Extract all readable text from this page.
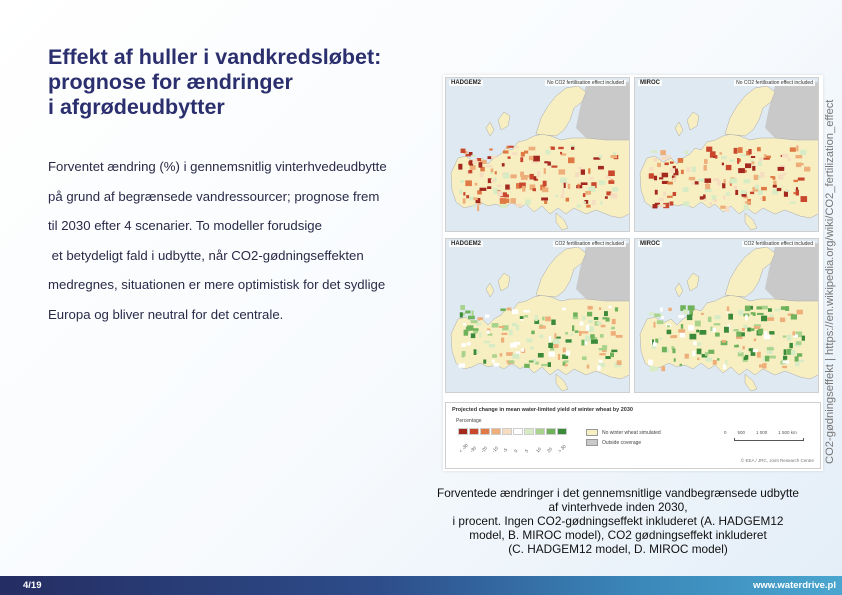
Effekt af huller i vandkredsløbet:
prognose for ændringer
i afgrødeudbytter
Forventet ændring (%) i gennemsnitlig vinterhvedeudbytte
på grund af begrænsede vandressourcer; prognose frem
til 2030 efter 4 scenarier. To modeller forudsige
et betydeligt fald i udbytte, når CO2-gødningseffekten
medregnes, situationen er mere optimistisk for det sydlige
Europa og bliver neutral for det centrale.
HADGEM2	No CO2 fertilisation effect included	MIROC	No CO2 fertilisation effect included
HADGEM2	CO2 fertilisation effect included	MIROC	CO2 fertilisation effect included
Projected change in mean water-limited yield of winter wheat by 2030
Percentage
< -30 -30 -20 -10 -5	0	5	10 20 > 30
No winter wheat simulated
Outside coverage
0 500 1 000 1 500 km
© EEA / JRC, Joint Research Centre
Forventede ændringer i det gennemsnitlige vandbegrænsede udbytte
af vinterhvede inden 2030,
i procent. Ingen CO2-gødningseffekt inkluderet (A. HADGEM12
model, B. MIROC model), CO2 gødningseffekt inkluderet
(C. HADGEM12 model, D. MIROC model)
CO2-gødningseffekt | https://en.wikipedia.org/wiki/CO2_fertilization_effect
4/19	www.waterdrive.pl
